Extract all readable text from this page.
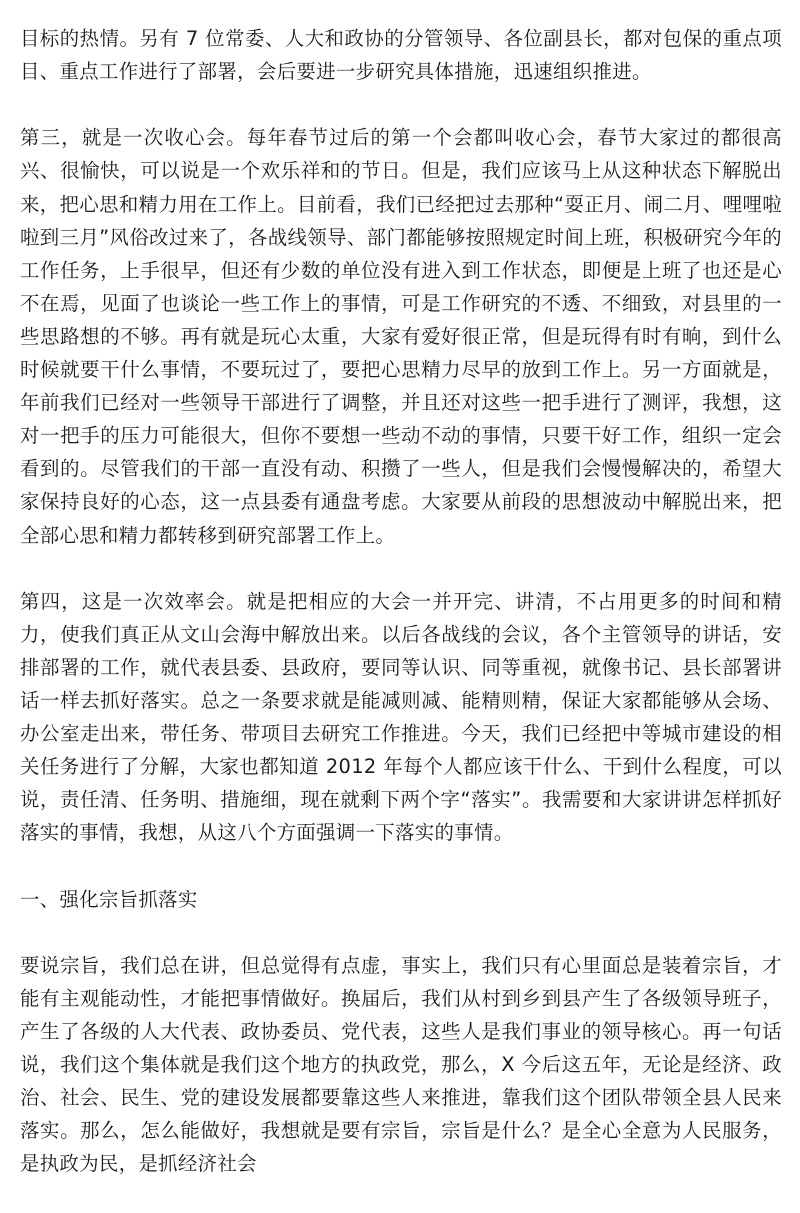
目标的热情。另有 7 位常委、人大和政协的分管领导、各位副县长，都对包保的重点项目、重点工作进行了部署，会后要进一步研究具体措施，迅速组织推进。

第三，就是一次收心会。每年春节过后的第一个会都叫收心会，春节大家过的都很高兴、很愉快，可以说是一个欢乐祥和的节日。但是，我们应该马上从这种状态下解脱出来，把心思和精力用在工作上。目前看，我们已经把过去那种“耍正月、闹二月、哩哩啦啦到三月”风俗改过来了，各战线领导、部门都能够按照规定时间上班，积极研究今年的工作任务，上手很早，但还有少数的单位没有进入到工作状态，即便是上班了也还是心不在焉，见面了也谈论一些工作上的事情，可是工作研究的不透、不细致，对县里的一些思路想的不够。再有就是玩心太重，大家有爱好很正常，但是玩得有时有晌，到什么时候就要干什么事情，不要玩过了，要把心思精力尽早的放到工作上。另一方面就是，年前我们已经对一些领导干部进行了调整，并且还对这些一把手进行了测评，我想，这对一把手的压力可能很大，但你不要想一些动不动的事情，只要干好工作，组织一定会看到的。尽管我们的干部一直没有动、积攒了一些人，但是我们会慢慢解决的，希望大家保持良好的心态，这一点县委有通盘考虑。大家要从前段的思想波动中解脱出来，把全部心思和精力都转移到研究部署工作上。

第四，这是一次效率会。就是把相应的大会一并开完、讲清，不占用更多的时间和精力，使我们真正从文山会海中解放出来。以后各战线的会议，各个主管领导的讲话，安排部署的工作，就代表县委、县政府，要同等认识、同等重视，就像书记、县长部署讲话一样去抓好落实。总之一条要求就是能减则减、能精则精，保证大家都能够从会场、办公室走出来，带任务、带项目去研究工作推进。今天，我们已经把中等城市建设的相关任务进行了分解，大家也都知道 2012 年每个人都应该干什么、干到什么程度，可以说，责任清、任务明、措施细，现在就剩下两个字“落实”。我需要和大家讲讲怎样抓好落实的事情，我想，从这八个方面强调一下落实的事情。

一、强化宗旨抓落实

要说宗旨，我们总在讲，但总觉得有点虚，事实上，我们只有心里面总是装着宗旨，才能有主观能动性，才能把事情做好。换届后，我们从村到乡到县产生了各级领导班子，产生了各级的人大代表、政协委员、党代表，这些人是我们事业的领导核心。再一句话说，我们这个集体就是我们这个地方的执政党，那么，X 今后这五年，无论是经济、政治、社会、民生、党的建设发展都要靠这些人来推进，靠我们这个团队带领全县人民来落实。那么，怎么能做好，我想就是要有宗旨，宗旨是什么？是全心全意为人民服务，是执政为民，是抓经济社会
